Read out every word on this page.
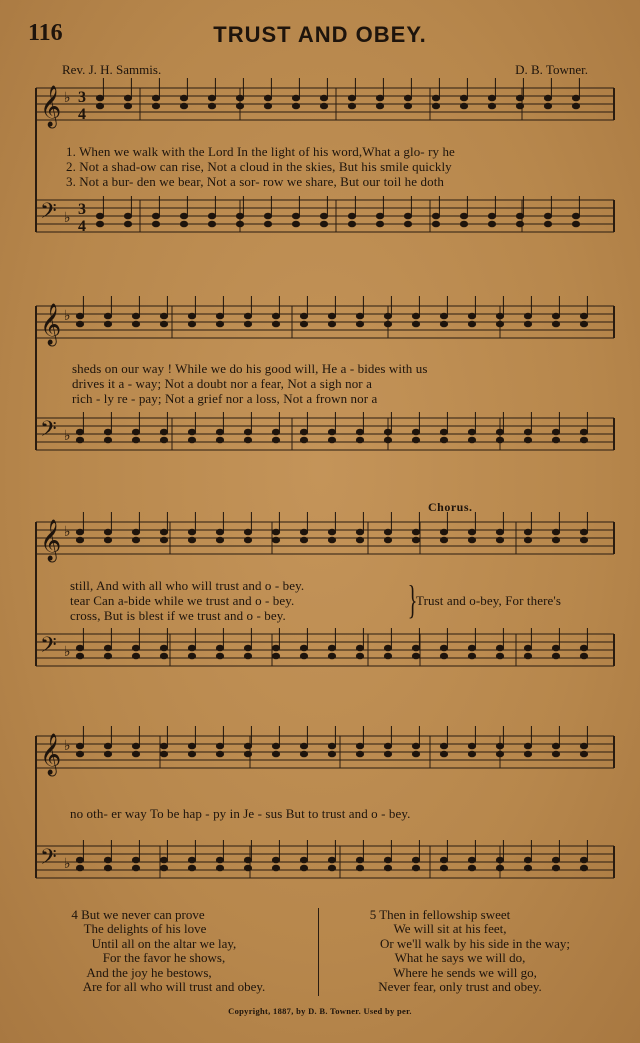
𝄞 ♭ 3
4
𝄢 ♭ 3
4
𝄞 ♭
𝄢 ♭
𝄞 ♭
𝄢 ♭
𝄞 ♭
𝄢 ♭
116	TRUST AND OBEY.
Rev. J. H. Sammis.	D. B. Towner.
1. When we walk with the Lord In the light of his word,What a glo- ry he
2. Not a shad-ow can rise, Not a cloud in the skies, But his smile quickly
3. Not a bur- den we bear, Not a sor- row we share, But our toil he doth
sheds on our way ! While we do his good will, He a - bides with us
drives it a - way; Not a doubt nor a fear, Not a sigh nor a
rich - ly re - pay; Not a grief nor a loss, Not a frown nor a
Chorus.
still, And with all who will trust and o - bey.
tear Can a-bide while we trust and o - bey.
cross, But is blest if we trust and o - bey.	}
Trust and o-bey, For there's
no oth- er way To be hap - py in Je - sus But to trust and o - bey.
4 But we never can prove
The delights of his love
Until all on the altar we lay,
For the favor he shows,
And the joy he bestows,
Are for all who will trust and obey.
5 Then in fellowship sweet
We will sit at his feet,
Or we'll walk by his side in the way;
What he says we will do,
Where he sends we will go,
Never fear, only trust and obey.
Copyright, 1887, by D. B. Towner. Used by per.
